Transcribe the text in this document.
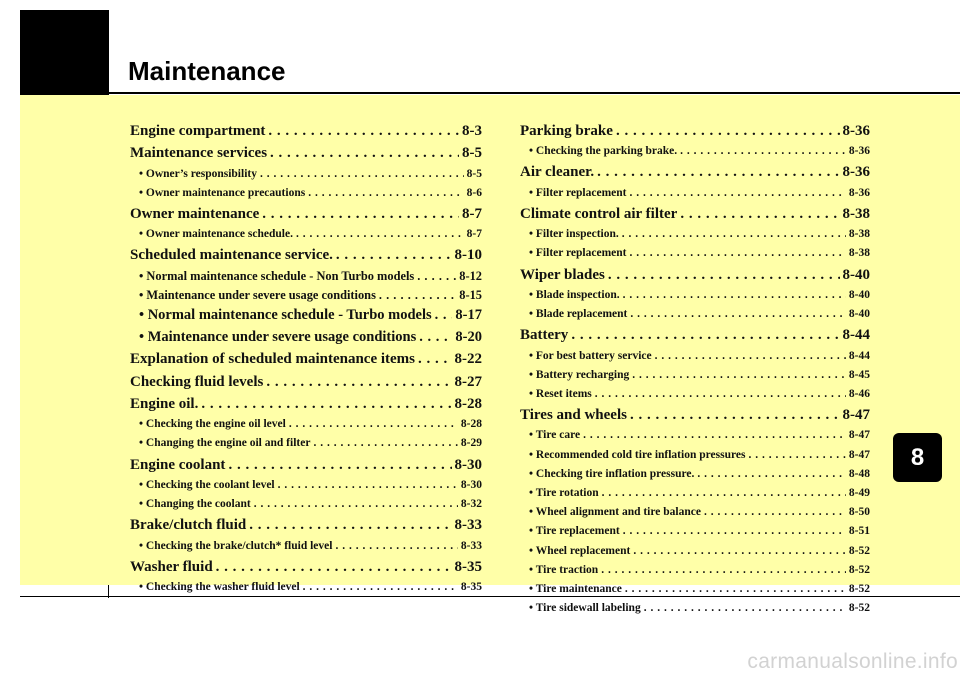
Maintenance
Engine compartment . . .	8-3
Maintenance services . . .	8-5
• Owner’s responsibility . . .	8-5
• Owner maintenance precautions . . .	8-6
Owner maintenance . . .	8-7
• Owner maintenance schedule. . . .	8-7
Scheduled maintenance service. . . .	8-10
• Normal maintenance schedule - Non Turbo models . . .	8-12
• Maintenance under severe usage conditions . . .	8-15
• Normal maintenance schedule - Turbo models . . . 8-17
• Maintenance under severe usage conditions . . .	8-20
Explanation of scheduled maintenance items . . .	8-22
Checking fluid levels . . .	8-27
Engine oil. . . .	8-28
• Checking the engine oil level . . .	8-28
• Changing the engine oil and filter . . .	8-29
Engine coolant . . .	8-30
• Checking the coolant level . . .	8-30
• Changing the coolant . . .	8-32
Brake/clutch fluid . . .	8-33
• Checking the brake/clutch* fluid level . . .	8-33
Washer fluid . . .	8-35
• Checking the washer fluid level . . .	8-35
Parking brake . . .	8-36
• Checking the parking brake. . . .	8-36
Air cleaner. . . .	8-36
• Filter replacement . . .	8-36
Climate control air filter . . .	8-38
• Filter inspection. . . .	8-38
• Filter replacement . . .	8-38
Wiper blades . . .	8-40
• Blade inspection. . . .	8-40
• Blade replacement . . .	8-40
Battery . . .	8-44
• For best battery service . . .	8-44
• Battery recharging . . .	8-45
• Reset items . . .	8-46
Tires and wheels . . .	8-47
• Tire care . . .	8-47
• Recommended cold tire inflation pressures . . .	8-47
• Checking tire inflation pressure. . . .	8-48
• Tire rotation . . .	8-49
• Wheel alignment and tire balance . . .	8-50
• Tire replacement . . .	8-51
• Wheel replacement . . .	8-52
• Tire traction . . .	8-52
• Tire maintenance . . .	8-52
• Tire sidewall labeling . . .	8-52
8
carmanualsonline.info
